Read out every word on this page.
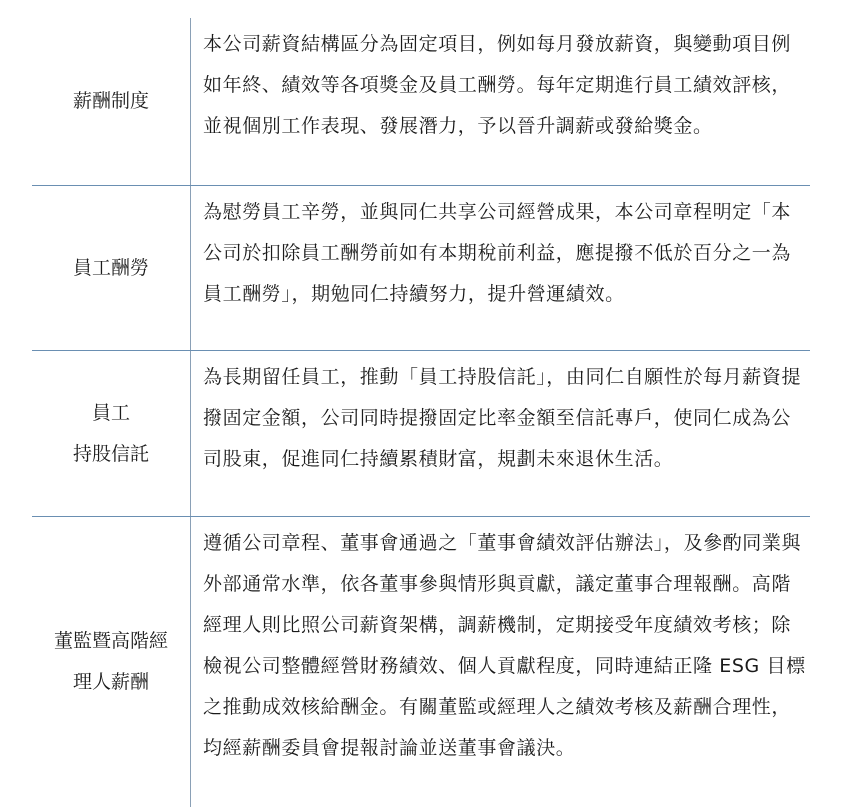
薪酬制度
本公司薪資結構區分為固定項目，例如每月發放薪資，與變動項目例如年終、績效等各項獎金及員工酬勞。每年定期進行員工績效評核，並視個別工作表現、發展潛力，予以晉升調薪或發給獎金。
員工酬勞
為慰勞員工辛勞，並與同仁共享公司經營成果，本公司章程明定「本公司於扣除員工酬勞前如有本期稅前利益，應提撥不低於百分之一為員工酬勞」，期勉同仁持續努力，提升營運績效。
員工
持股信託
為長期留任員工，推動「員工持股信託」，由同仁自願性於每月薪資提撥固定金額，公司同時提撥固定比率金額至信託專戶，使同仁成為公司股東，促進同仁持續累積財富，規劃未來退休生活。
董監暨高階經
理人薪酬
遵循公司章程、董事會通過之「董事會績效評估辦法」，及參酌同業與外部通常水準，依各董事參與情形與貢獻，議定董事合理報酬。高階經理人則比照公司薪資架構，調薪機制，定期接受年度績效考核；除檢視公司整體經營財務績效、個人貢獻程度，同時連結正隆 ESG 目標之推動成效核給酬金。有關董監或經理人之績效考核及薪酬合理性，均經薪酬委員會提報討論並送董事會議決。
